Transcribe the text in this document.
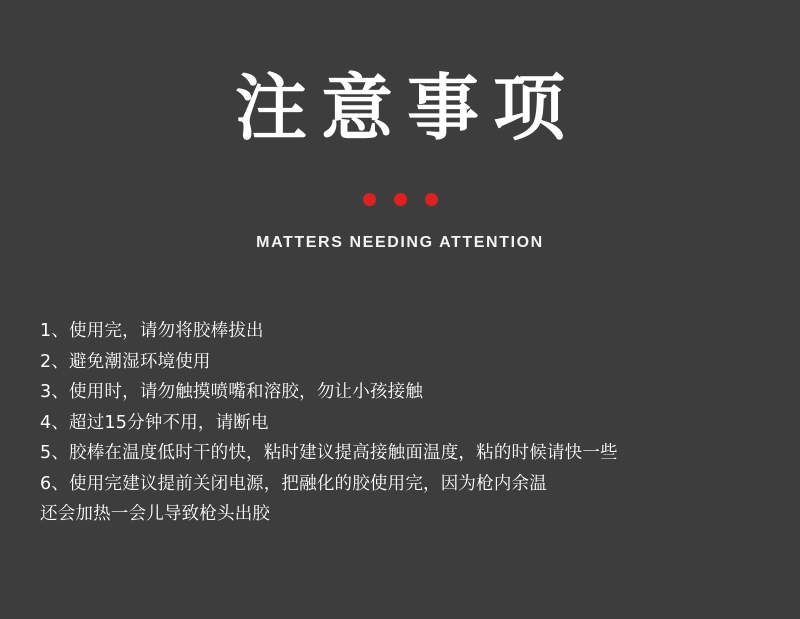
注意事项
MATTERS NEEDING ATTENTION

1、使用完，请勿将胶棒拔出

2、避免潮湿环境使用

3、使用时，请勿触摸喷嘴和溶胶，勿让小孩接触

4、超过15分钟不用，请断电

5、胶棒在温度低时干的快，粘时建议提高接触面温度，粘的时候请快一些

6、使用完建议提前关闭电源，把融化的胶使用完，因为枪内余温

还会加热一会儿导致枪头出胶
